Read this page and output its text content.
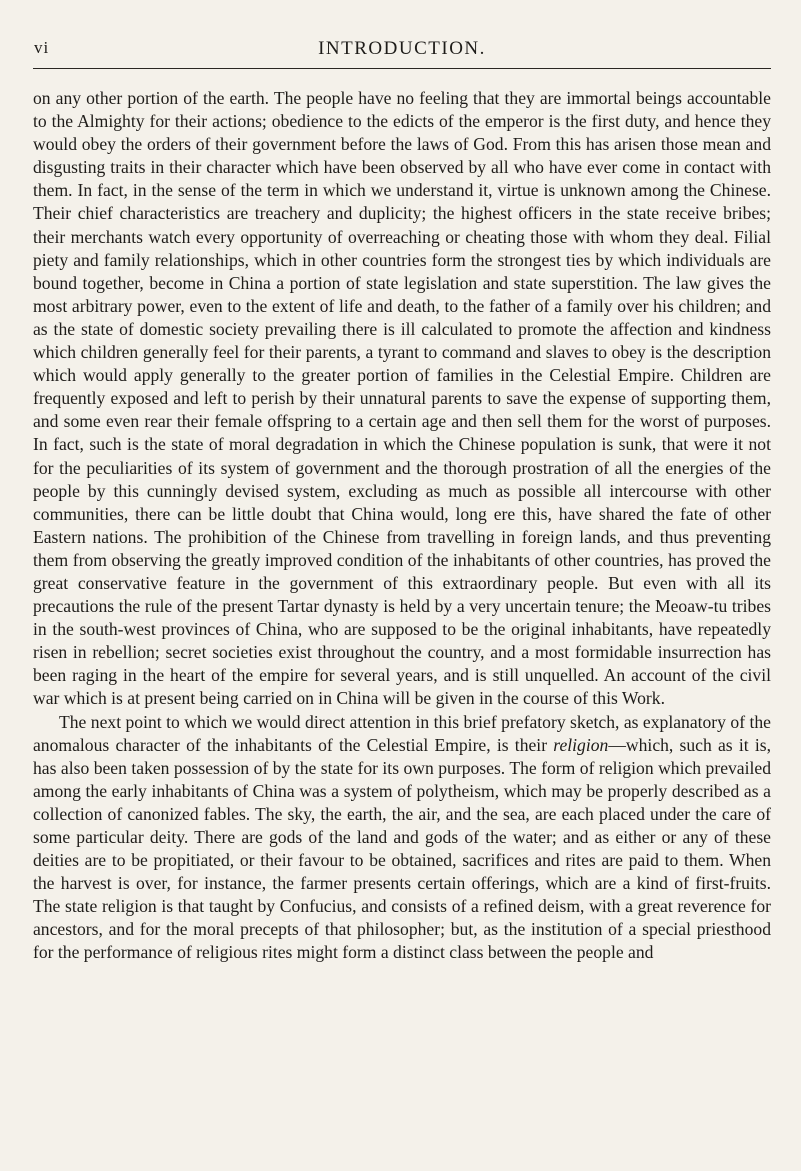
vi	INTRODUCTION.

on any other portion of the earth. The people have no feeling that they are immortal beings accountable to the Almighty for their actions; obedience to the edicts of the emperor is the first duty, and hence they would obey the orders of their government before the laws of God. From this has arisen those mean and disgusting traits in their character which have been observed by all who have ever come in contact with them. In fact, in the sense of the term in which we understand it, virtue is unknown among the Chinese. Their chief characteristics are treachery and duplicity; the highest officers in the state receive bribes; their merchants watch every opportunity of overreaching or cheating those with whom they deal. Filial piety and family relationships, which in other countries form the strongest ties by which individuals are bound together, become in China a portion of state legislation and state superstition. The law gives the most arbitrary power, even to the extent of life and death, to the father of a family over his children; and as the state of domestic society prevailing there is ill calculated to promote the affection and kindness which children generally feel for their parents, a tyrant to command and slaves to obey is the description which would apply generally to the greater portion of families in the Celestial Empire. Children are frequently exposed and left to perish by their unnatural parents to save the expense of supporting them, and some even rear their female offspring to a certain age and then sell them for the worst of purposes. In fact, such is the state of moral degradation in which the Chinese population is sunk, that were it not for the peculiarities of its system of government and the thorough prostration of all the energies of the people by this cunningly devised system, excluding as much as possible all intercourse with other communities, there can be little doubt that China would, long ere this, have shared the fate of other Eastern nations. The prohibition of the Chinese from travelling in foreign lands, and thus preventing them from observing the greatly improved condition of the inhabitants of other countries, has proved the great conservative feature in the government of this extraordinary people. But even with all its precautions the rule of the present Tartar dynasty is held by a very uncertain tenure; the Meoaw-tu tribes in the south-west provinces of China, who are supposed to be the original inhabitants, have repeatedly risen in rebellion; secret societies exist throughout the country, and a most formidable insurrection has been raging in the heart of the empire for several years, and is still unquelled. An account of the civil war which is at present being carried on in China will be given in the course of this Work.

The next point to which we would direct attention in this brief prefatory sketch, as explanatory of the anomalous character of the inhabitants of the Celestial Empire, is their religion—which, such as it is, has also been taken possession of by the state for its own purposes. The form of religion which prevailed among the early inhabitants of China was a system of polytheism, which may be properly described as a collection of canonized fables. The sky, the earth, the air, and the sea, are each placed under the care of some particular deity. There are gods of the land and gods of the water; and as either or any of these deities are to be propitiated, or their favour to be obtained, sacrifices and rites are paid to them. When the harvest is over, for instance, the farmer presents certain offerings, which are a kind of first-fruits. The state religion is that taught by Confucius, and consists of a refined deism, with a great reverence for ancestors, and for the moral precepts of that philosopher; but, as the institution of a special priesthood for the performance of religious rites might form a distinct class between the people and
